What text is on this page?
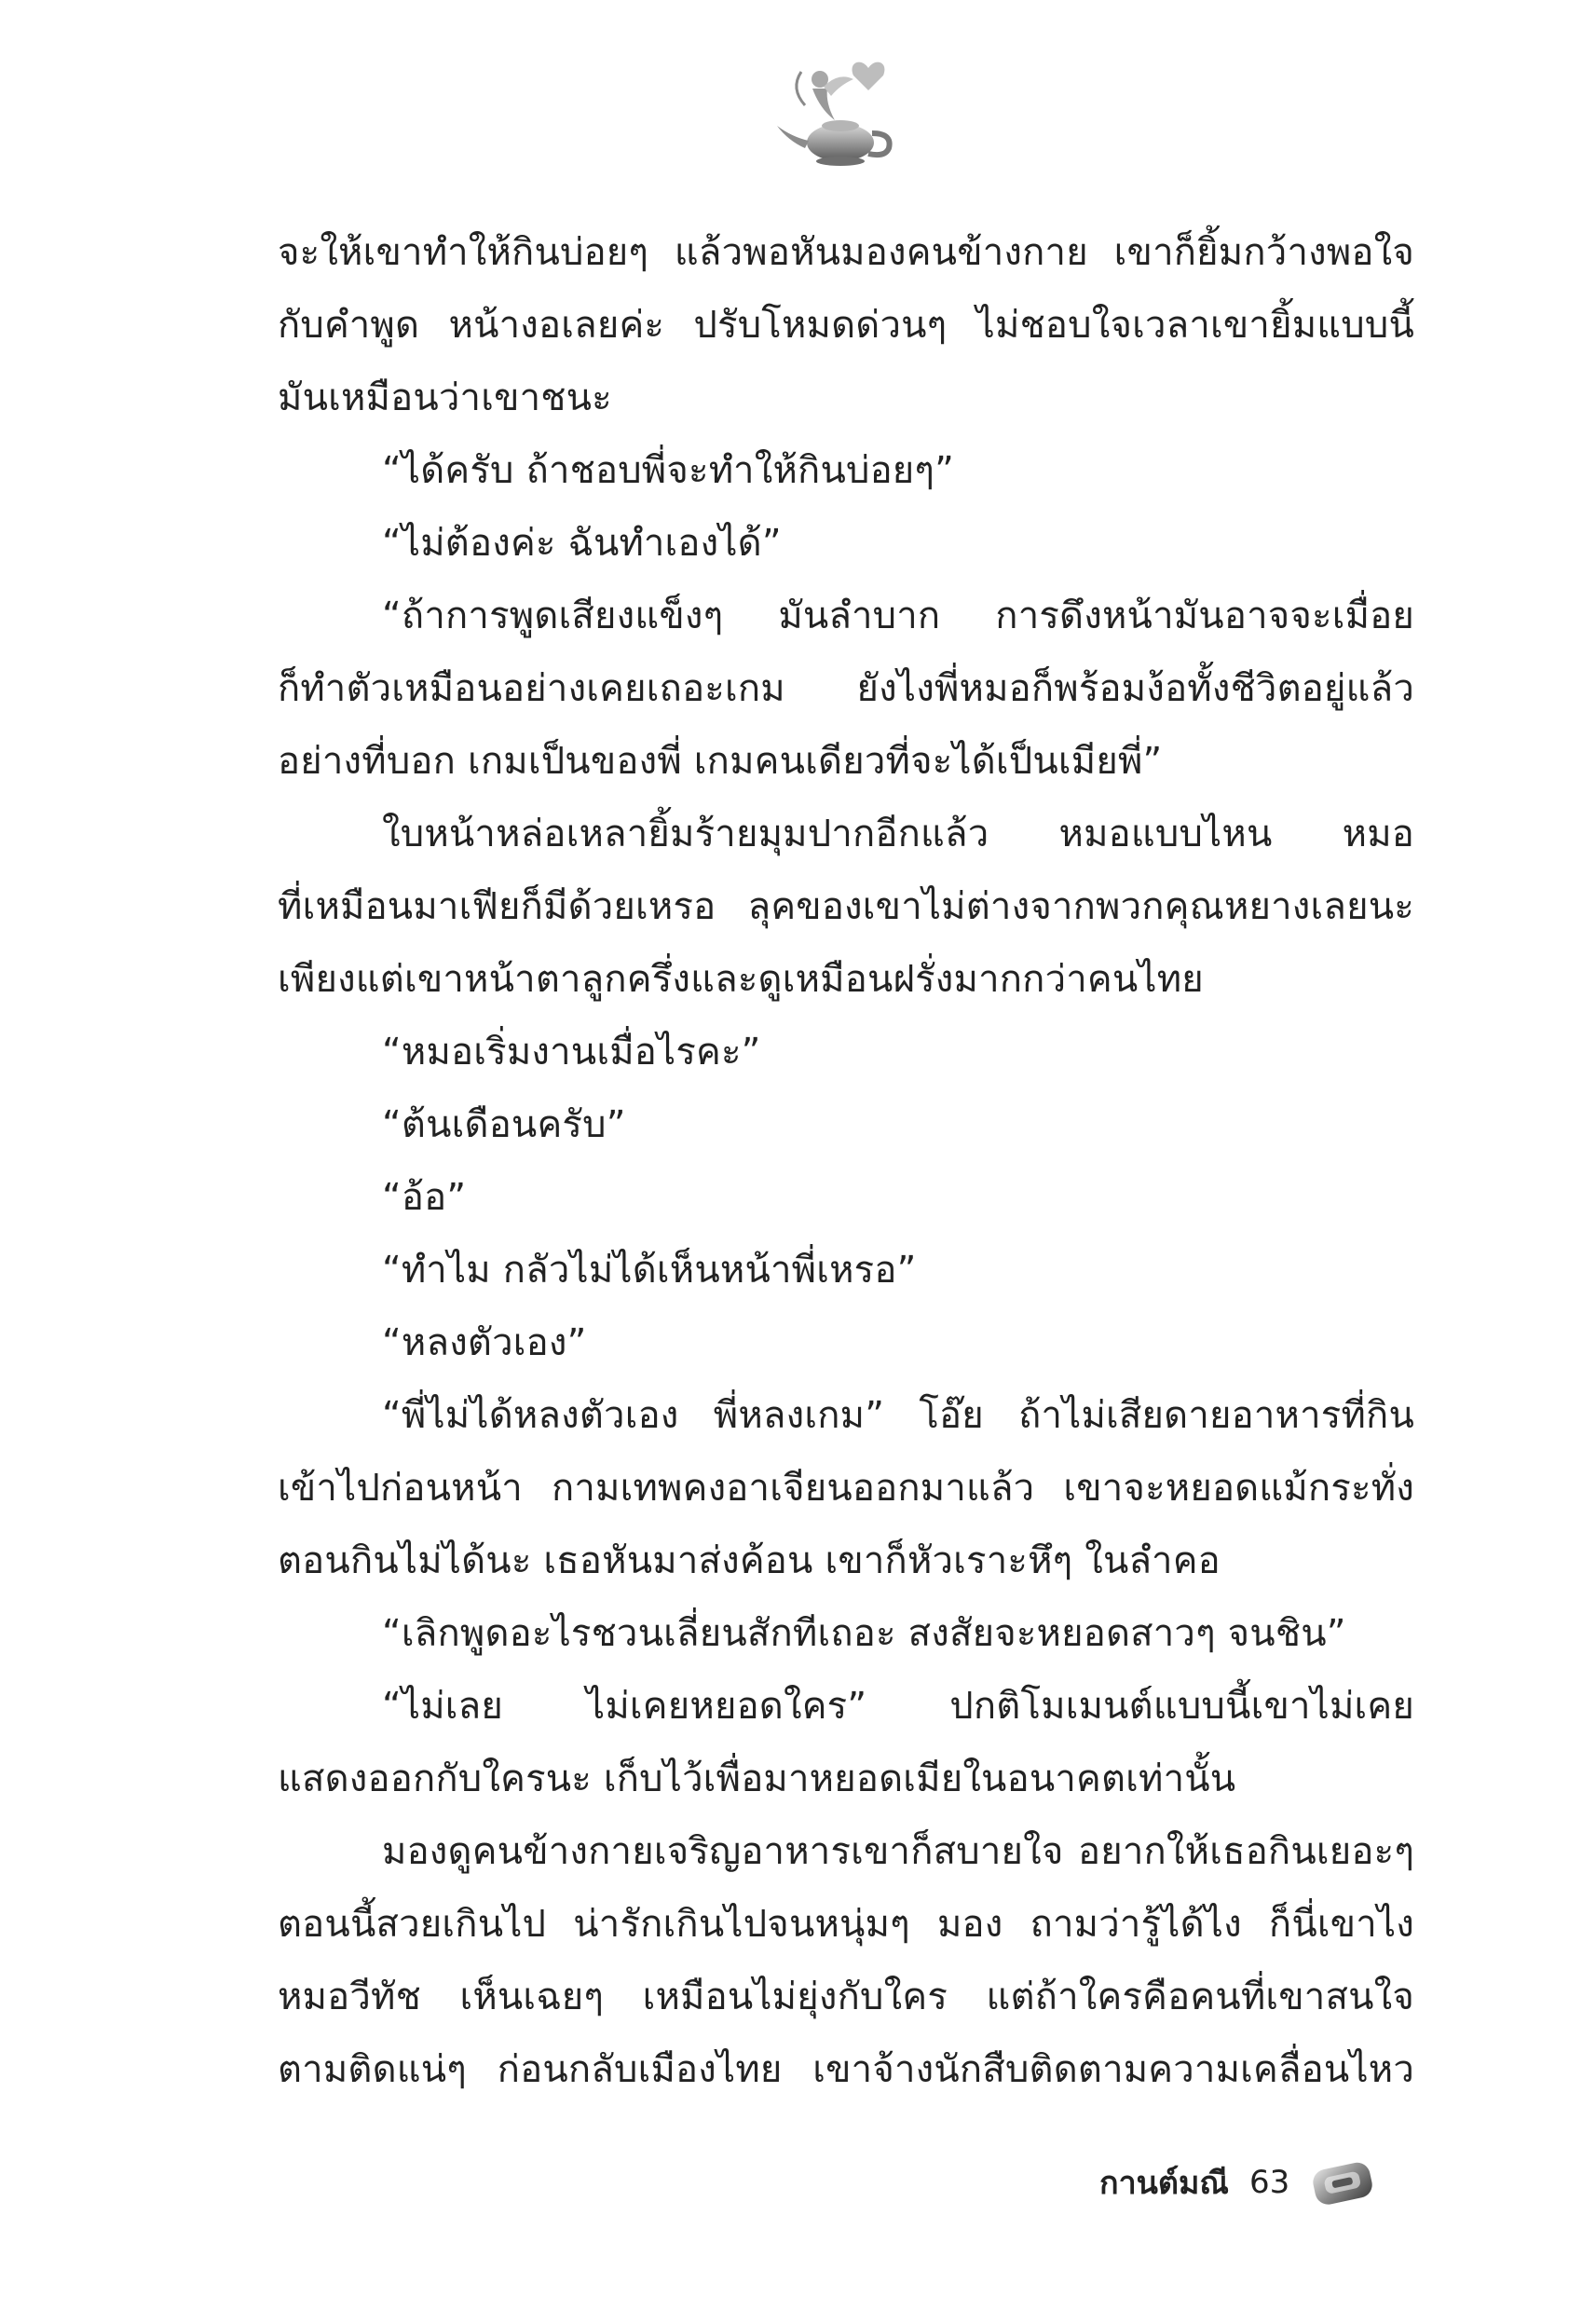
จะให้เขาทำให้กินบ่อยๆ แล้วพอหันมองคนข้างกาย เขาก็ยิ้มกว้างพอใจ
กับคำพูด หน้างอเลยค่ะ ปรับโหมดด่วนๆ ไม่ชอบใจเวลาเขายิ้มแบบนี้
มันเหมือนว่าเขาชนะ
“ได้ครับ ถ้าชอบพี่จะทำให้กินบ่อยๆ”
“ไม่ต้องค่ะ ฉันทำเองได้”
“ถ้าการพูดเสียงแข็งๆ มันลำบาก การดึงหน้ามันอาจจะเมื่อย
ก็ทำตัวเหมือนอย่างเคยเถอะเกม ยังไงพี่หมอก็พร้อมง้อทั้งชีวิตอยู่แล้ว
อย่างที่บอก เกมเป็นของพี่ เกมคนเดียวที่จะได้เป็นเมียพี่”
ใบหน้าหล่อเหลายิ้มร้ายมุมปากอีกแล้ว หมอแบบไหน หมอ
ที่เหมือนมาเฟียก็มีด้วยเหรอ ลุคของเขาไม่ต่างจากพวกคุณหยางเลยนะ
เพียงแต่เขาหน้าตาลูกครึ่งและดูเหมือนฝรั่งมากกว่าคนไทย
“หมอเริ่มงานเมื่อไรคะ”
“ต้นเดือนครับ”
“อ้อ”
“ทำไม กลัวไม่ได้เห็นหน้าพี่เหรอ”
“หลงตัวเอง”
“พี่ไม่ได้หลงตัวเอง พี่หลงเกม” โอ๊ย ถ้าไม่เสียดายอาหารที่กิน
เข้าไปก่อนหน้า กามเทพคงอาเจียนออกมาแล้ว เขาจะหยอดแม้กระทั่ง
ตอนกินไม่ได้นะ เธอหันมาส่งค้อน เขาก็หัวเราะหึๆ ในลำคอ
“เลิกพูดอะไรชวนเลี่ยนสักทีเถอะ สงสัยจะหยอดสาวๆ จนชิน”
“ไม่เลย ไม่เคยหยอดใคร” ปกติโมเมนต์แบบนี้เขาไม่เคย
แสดงออกกับใครนะ เก็บไว้เพื่อมาหยอดเมียในอนาคตเท่านั้น
มองดูคนข้างกายเจริญอาหารเขาก็สบายใจ อยากให้เธอกินเยอะๆ
ตอนนี้สวยเกินไป น่ารักเกินไปจนหนุ่มๆ มอง ถามว่ารู้ได้ไง ก็นี่เขาไง
หมอวีทัช เห็นเฉยๆ เหมือนไม่ยุ่งกับใคร แต่ถ้าใครคือคนที่เขาสนใจ
ตามติดแน่ๆ ก่อนกลับเมืองไทย เขาจ้างนักสืบติดตามความเคลื่อนไหว
กานต์มณี 63
